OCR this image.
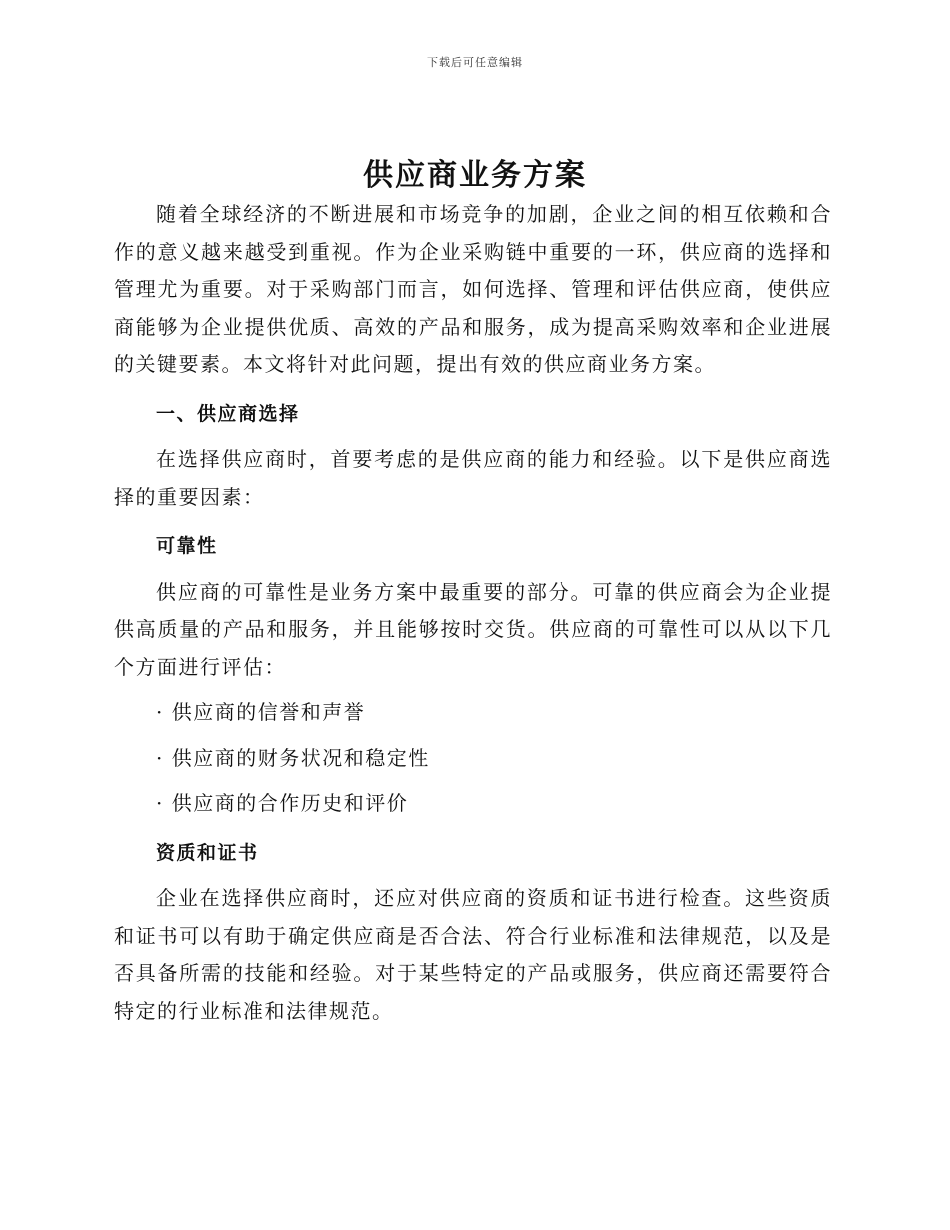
下载后可任意编辑
供应商业务方案

随着全球经济的不断进展和市场竞争的加剧，企业之间的相互依赖和合作的意义越来越受到重视。作为企业采购链中重要的一环，供应商的选择和管理尤为重要。对于采购部门而言，如何选择、管理和评估供应商，使供应商能够为企业提供优质、高效的产品和服务，成为提高采购效率和企业进展的关键要素。本文将针对此问题，提出有效的供应商业务方案。

一、供应商选择

在选择供应商时，首要考虑的是供应商的能力和经验。以下是供应商选择的重要因素：

可靠性

供应商的可靠性是业务方案中最重要的部分。可靠的供应商会为企业提供高质量的产品和服务，并且能够按时交货。供应商的可靠性可以从以下几个方面进行评估：

· 供应商的信誉和声誉

· 供应商的财务状况和稳定性

· 供应商的合作历史和评价

资质和证书

企业在选择供应商时，还应对供应商的资质和证书进行检查。这些资质和证书可以有助于确定供应商是否合法、符合行业标准和法律规范，以及是否具备所需的技能和经验。对于某些特定的产品或服务，供应商还需要符合特定的行业标准和法律规范。
